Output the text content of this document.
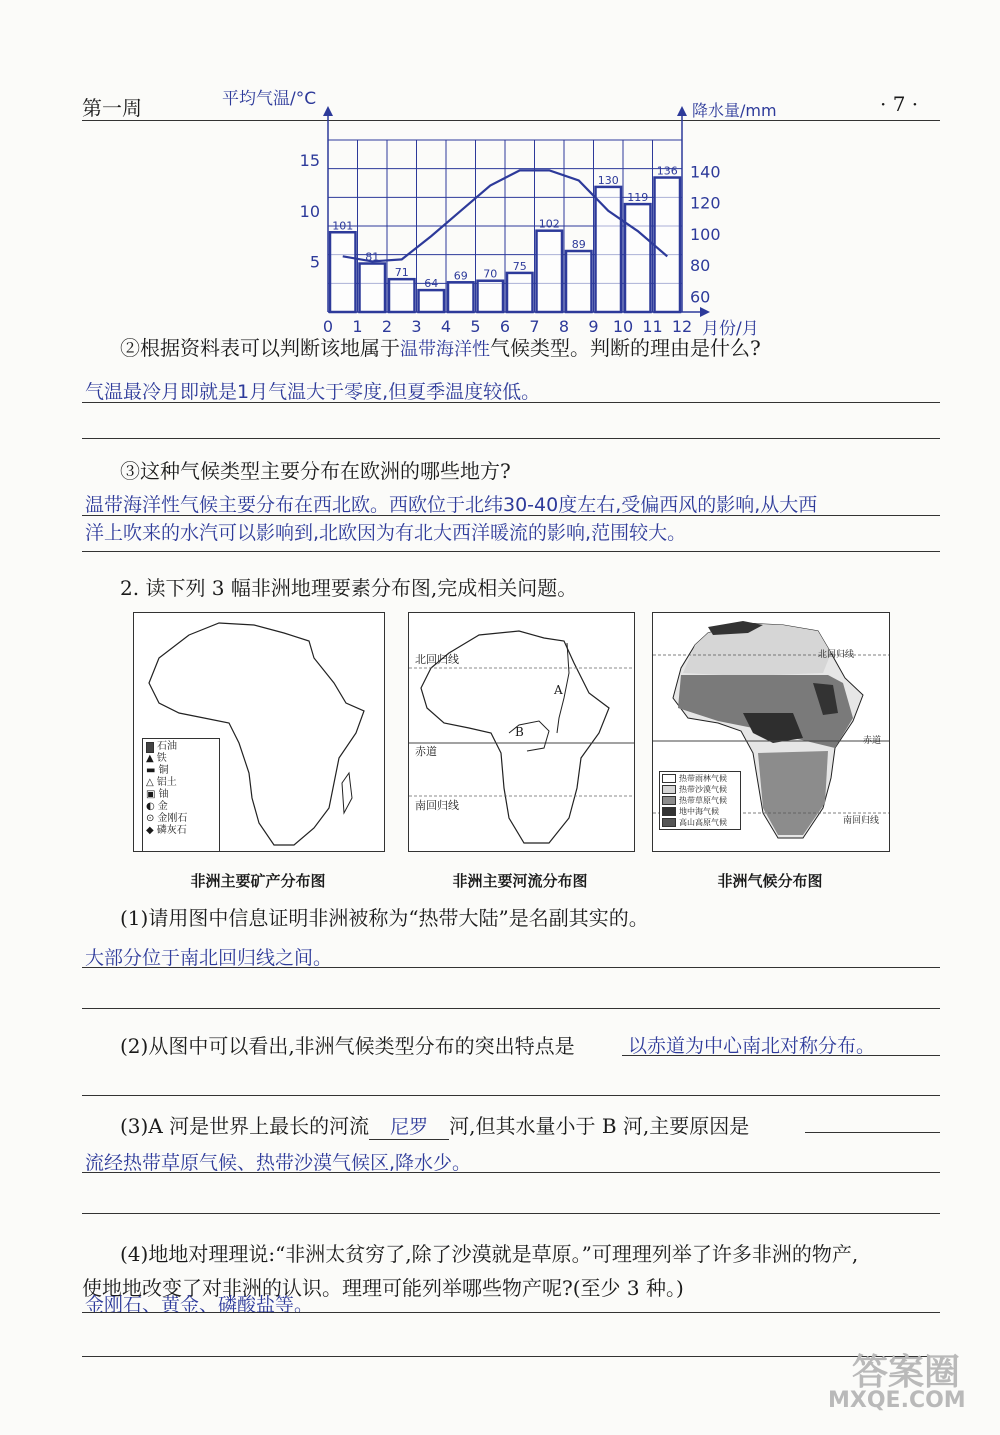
第一周	· 7 ·
101
81
71
64
69 70
75
102
89
130
119
136
0 1 2 3 4 5 6 7 8 9 10 11 12
5
10
15
60
80
100
120
140
平均气温/°C
降水量/mm
月份/月
②根据资料表可以判断该地属于温带海洋性气候类型。判断的理由是什么?
气温最冷月即就是1月气温大于零度,但夏季温度较低。
③这种气候类型主要分布在欧洲的哪些地方?
温带海洋性气候主要分布在西北欧。西欧位于北纬30-40度左右,受偏西风的影响,从大西
洋上吹来的水汽可以影响到,北欧因为有北大西洋暖流的影响,范围较大。
2. 读下列 3 幅非洲地理要素分布图,完成相关问题。
石油
▲ 铁
▬ 铜
△ 铝土
▣ 铀
◐ 金
⊙ 金刚石
◆ 磷灰石
非洲主要矿产分布图
北回归线
赤道
南回归线
A
B
非洲主要河流分布图
北回归线
赤道
南回归线
热带雨林气候
热带沙漠气候
热带草原气候
地中海气候
高山高原气候
非洲气候分布图
(1)请用图中信息证明非洲被称为“热带大陆”是名副其实的。
大部分位于南北回归线之间。
(2)从图中可以看出,非洲气候类型分布的突出特点是	以赤道为中心南北对称分布。
(3)A 河是世界上最长的河流 尼罗 河,但其水量小于 B 河,主要原因是
流经热带草原气候、热带沙漠气候区,降水少。
(4)地地对理理说:“非洲太贫穷了,除了沙漠就是草原。”可理理列举了许多非洲的物产,
使地地改变了对非洲的认识。理理可能列举哪些物产呢?(至少 3 种。)
金刚石、黄金、磷酸盐等。
答案圈
MXQE.COM
